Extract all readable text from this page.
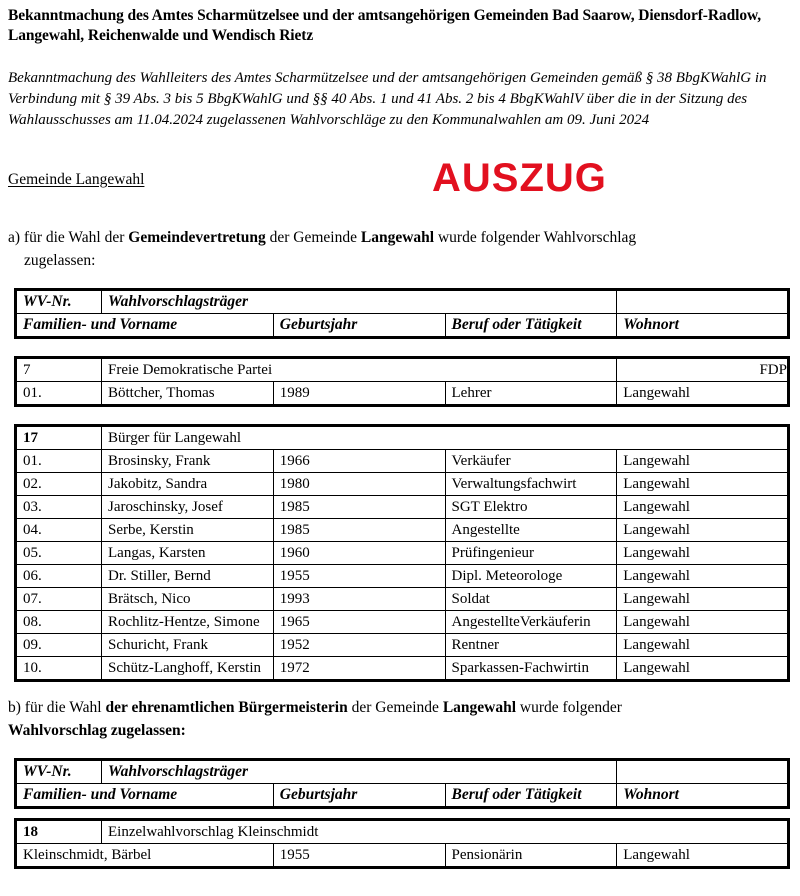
Bekanntmachung des Amtes Scharmützelsee und der amtsangehörigen Gemeinden Bad Saarow, Diensdorf-Radlow, Langewahl, Reichenwalde und Wendisch Rietz
Bekanntmachung des Wahlleiters des Amtes Scharmützelsee und der amtsangehörigen Gemeinden gemäß § 38 BbgKWahlG in Verbindung mit § 39 Abs. 3 bis 5 BbgKWahlG und §§ 40 Abs. 1 und 41 Abs. 2 bis 4 BbgKWahlV über die in der Sitzung des Wahlausschusses am 11.04.2024 zugelassenen Wahlvorschläge zu den Kommunalwahlen am 09. Juni 2024
Gemeinde Langewahl	AUSZUG
a) für die Wahl der Gemeindevertretung der Gemeinde Langewahl wurde folgender Wahlvorschlag
zugelassen:
WV-Nr.	Wahlvorschlagsträger			
Familien- und Vorname		Geburtsjahr	Beruf oder Tätigkeit	Wohnort
7	Freie Demokratische Partei			FDP
01.	Böttcher, Thomas	1989	Lehrer	Langewahl
17	Bürger für Langewahl			
01.	Brosinsky, Frank	1966	Verkäufer	Langewahl
02.	Jakobitz, Sandra	1980	Verwaltungsfachwirt	Langewahl
03.	Jaroschinsky, Josef	1985	SGT Elektro	Langewahl
04.	Serbe, Kerstin	1985	Angestellte	Langewahl
05.	Langas, Karsten	1960	Prüfingenieur	Langewahl
06.	Dr. Stiller, Bernd	1955	Dipl. Meteorologe	Langewahl
07.	Brätsch, Nico	1993	Soldat	Langewahl
08.	Rochlitz-Hentze, Simone	1965	AngestellteVerkäuferin	Langewahl
09.	Schuricht, Frank	1952	Rentner	Langewahl
10.	Schütz-Langhoff, Kerstin	1972	Sparkassen-Fachwirtin	Langewahl
b) für die Wahl der ehrenamtlichen Bürgermeisterin der Gemeinde Langewahl wurde folgender
Wahlvorschlag zugelassen:
WV-Nr.	Wahlvorschlagsträger			
Familien- und Vorname		Geburtsjahr	Beruf oder Tätigkeit	Wohnort
18	Einzelwahlvorschlag Kleinschmidt			
Kleinschmidt, Bärbel		1955	Pensionärin	Langewahl
